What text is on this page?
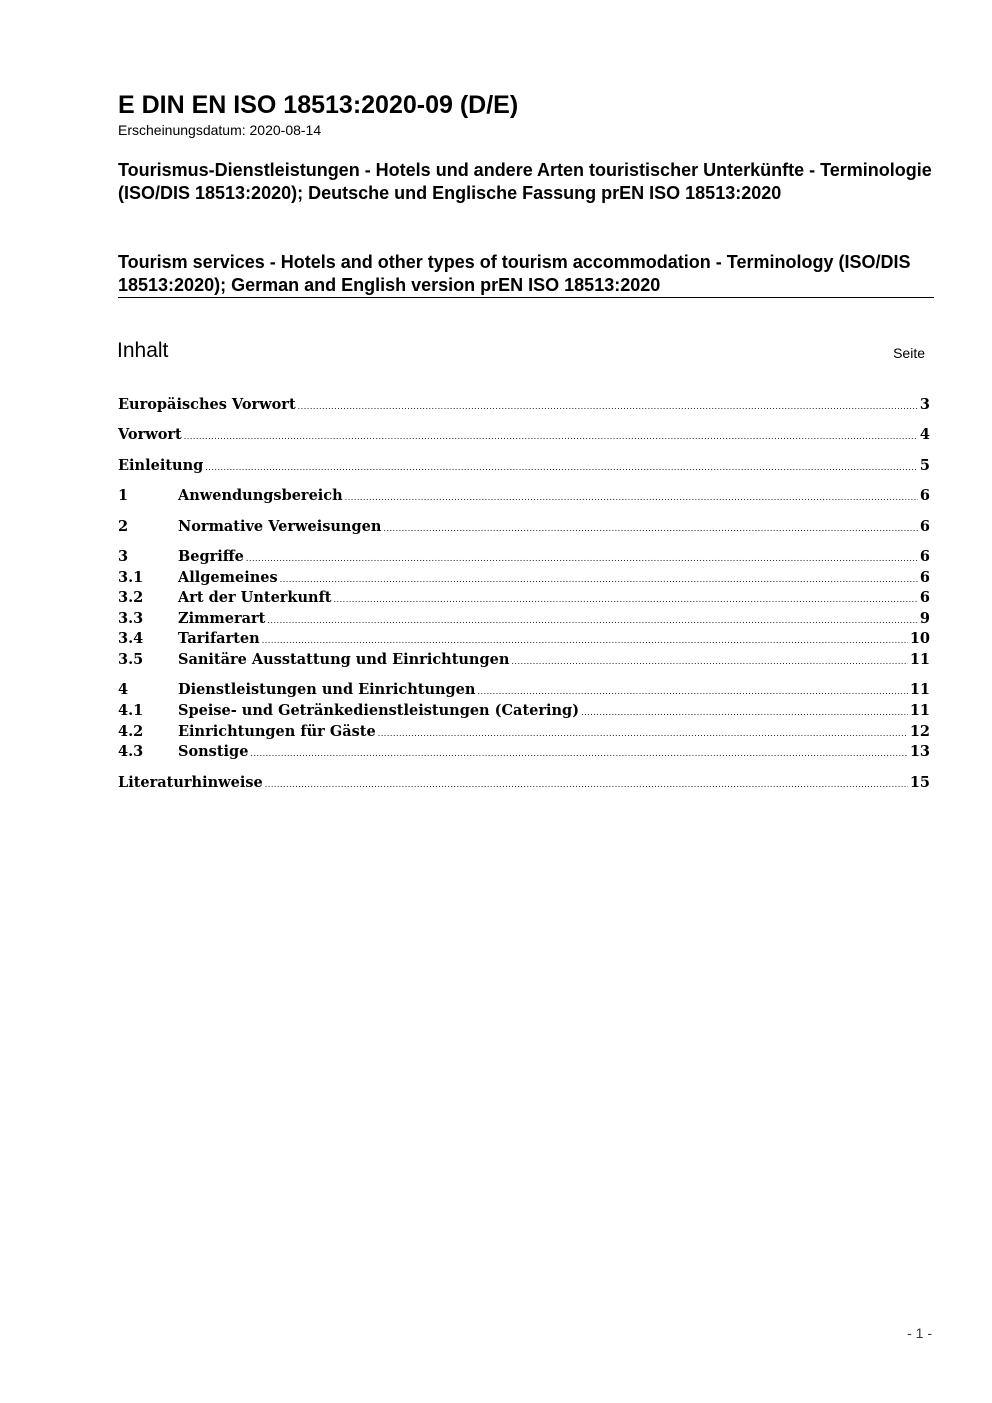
E DIN EN ISO 18513:2020-09 (D/E)
Erscheinungsdatum: 2020-08-14
Tourismus-Dienstleistungen - Hotels und andere Arten touristischer Unterkünfte - Terminologie (ISO/DIS 18513:2020); Deutsche und Englische Fassung prEN ISO 18513:2020
Tourism services - Hotels and other types of tourism accommodation - Terminology (ISO/DIS 18513:2020); German and English version prEN ISO 18513:2020
Inhalt	Seite
Europäisches Vorwort .....	3
Vorwort .....	4
Einleitung .....	5
1	Anwendungsbereich .....	6
2	Normative Verweisungen .....	6
3	Begriffe .....	6
3.1	Allgemeines .....	6
3.2	Art der Unterkunft .....	6
3.3	Zimmerart .....	9
3.4	Tarifarten .....	10
3.5	Sanitäre Ausstattung und Einrichtungen .....	11
4	Dienstleistungen und Einrichtungen .....	11
4.1	Speise- und Getränkedienstleistungen (Catering) .....	11
4.2	Einrichtungen für Gäste .....	12
4.3	Sonstige .....	13
Literaturhinweise .....	15
- 1 -
